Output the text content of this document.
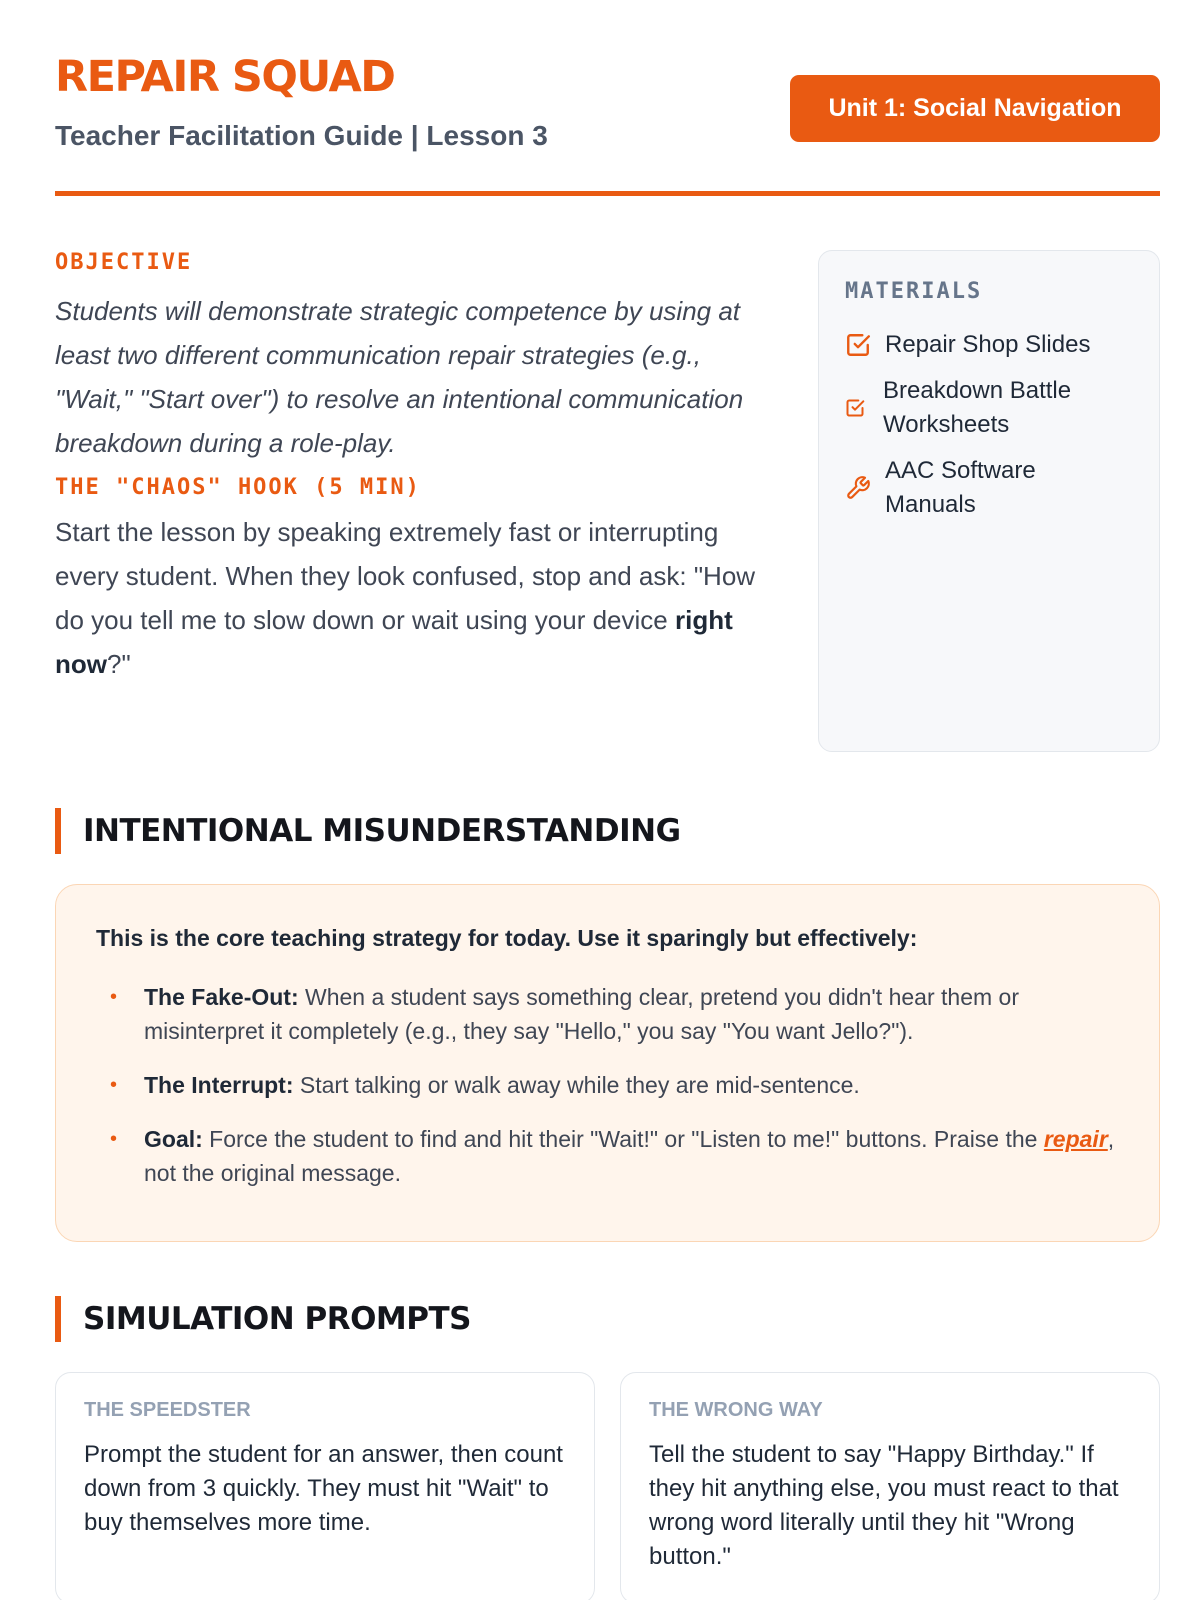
REPAIR SQUAD
Teacher Facilitation Guide | Lesson 3
Unit 1: Social Navigation
OBJECTIVE

Students will demonstrate strategic competence by using at least two different communication repair strategies (e.g., "Wait," "Start over") to resolve an intentional communication breakdown during a role-play.

THE "CHAOS" HOOK (5 MIN)

Start the lesson by speaking extremely fast or interrupting every student. When they look confused, stop and ask: "How do you tell me to slow down or wait using your device right now?"

MATERIALS
Repair Shop Slides
Breakdown Battle Worksheets
AAC Software Manuals
INTENTIONAL MISUNDERSTANDING
This is the core teaching strategy for today. Use it sparingly but effectively:
• The Fake-Out: When a student says something clear, pretend you didn't hear them or misinterpret it completely (e.g., they say "Hello," you say "You want Jello?").
• The Interrupt: Start talking or walk away while they are mid-sentence.
• Goal: Force the student to find and hit their "Wait!" or "Listen to me!" buttons. Praise the repair, not the original message.
SIMULATION PROMPTS
THE SPEEDSTER

Prompt the student for an answer, then count down from 3 quickly. They must hit "Wait" to buy themselves more time.

THE WRONG WAY

Tell the student to say "Happy Birthday." If they hit anything else, you must react to that wrong word literally until they hit "Wrong button."
